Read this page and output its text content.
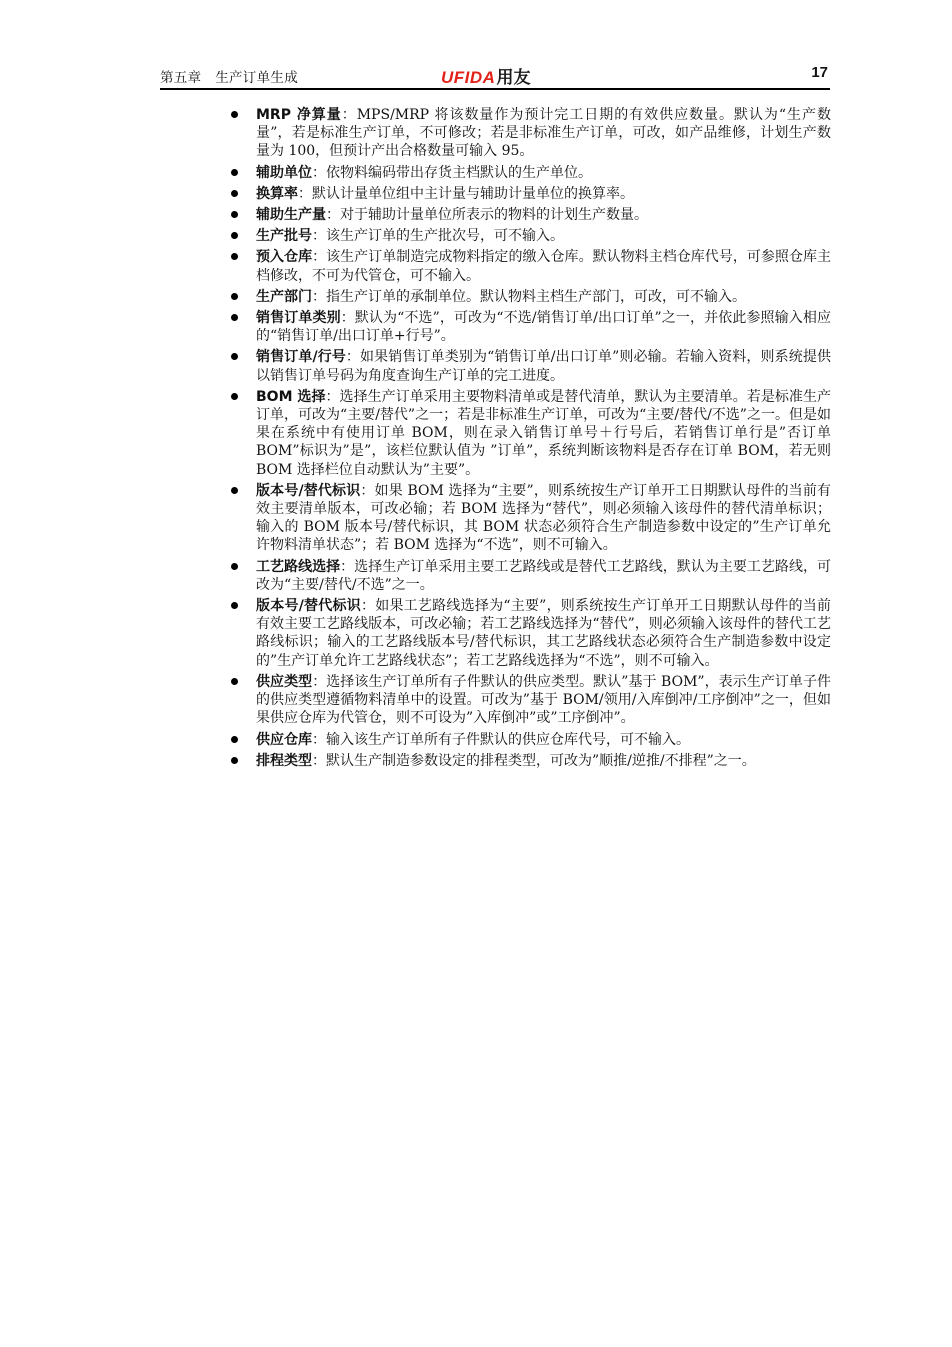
第五章　生产订单生成	UFIDA用友	17
MRP 净算量：MPS/MRP 将该数量作为预计完工日期的有效供应数量。默认为“生产数量”，若是标准生产订单，不可修改；若是非标准生产订单，可改，如产品维修，计划生产数量为 100，但预计产出合格数量可输入 95。
辅助单位：依物料编码带出存货主档默认的生产单位。
换算率：默认计量单位组中主计量与辅助计量单位的换算率。
辅助生产量：对于辅助计量单位所表示的物料的计划生产数量。
生产批号：该生产订单的生产批次号，可不输入。
预入仓库：该生产订单制造完成物料指定的缴入仓库。默认物料主档仓库代号，可参照仓库主档修改，不可为代管仓，可不输入。
生产部门：指生产订单的承制单位。默认物料主档生产部门，可改，可不输入。
销售订单类别：默认为“不选”，可改为“不选/销售订单/出口订单”之一，并依此参照输入相应的“销售订单/出口订单+行号”。
销售订单/行号：如果销售订单类别为“销售订单/出口订单”则必输。若输入资料，则系统提供以销售订单号码为角度查询生产订单的完工进度。
BOM 选择：选择生产订单采用主要物料清单或是替代清单，默认为主要清单。若是标准生产订单，可改为“主要/替代”之一；若是非标准生产订单，可改为“主要/替代/不选”之一。但是如果在系统中有使用订单 BOM，则在录入销售订单号＋行号后，若销售订单行是”否订单 BOM”标识为”是”，该栏位默认值为 ”订单”，系统判断该物料是否存在订单 BOM，若无则 BOM 选择栏位自动默认为”主要”。
版本号/替代标识：如果 BOM 选择为“主要”，则系统按生产订单开工日期默认母件的当前有效主要清单版本，可改必输；若 BOM 选择为“替代”，则必须输入该母件的替代清单标识；输入的 BOM 版本号/替代标识，其 BOM 状态必须符合生产制造参数中设定的”生产订单允许物料清单状态”；若 BOM 选择为“不选”，则不可输入。
工艺路线选择：选择生产订单采用主要工艺路线或是替代工艺路线，默认为主要工艺路线，可改为“主要/替代/不选”之一。
版本号/替代标识：如果工艺路线选择为“主要”，则系统按生产订单开工日期默认母件的当前有效主要工艺路线版本，可改必输；若工艺路线选择为“替代”，则必须输入该母件的替代工艺路线标识；输入的工艺路线版本号/替代标识，其工艺路线状态必须符合生产制造参数中设定的”生产订单允许工艺路线状态”；若工艺路线选择为“不选”，则不可输入。
供应类型：选择该生产订单所有子件默认的供应类型。默认”基于 BOM”，表示生产订单子件的供应类型遵循物料清单中的设置。可改为”基于 BOM/领用/入库倒冲/工序倒冲”之一，但如果供应仓库为代管仓，则不可设为”入库倒冲”或”工序倒冲”。
供应仓库：输入该生产订单所有子件默认的供应仓库代号，可不输入。
排程类型：默认生产制造参数设定的排程类型，可改为”顺推/逆推/不排程”之一。
